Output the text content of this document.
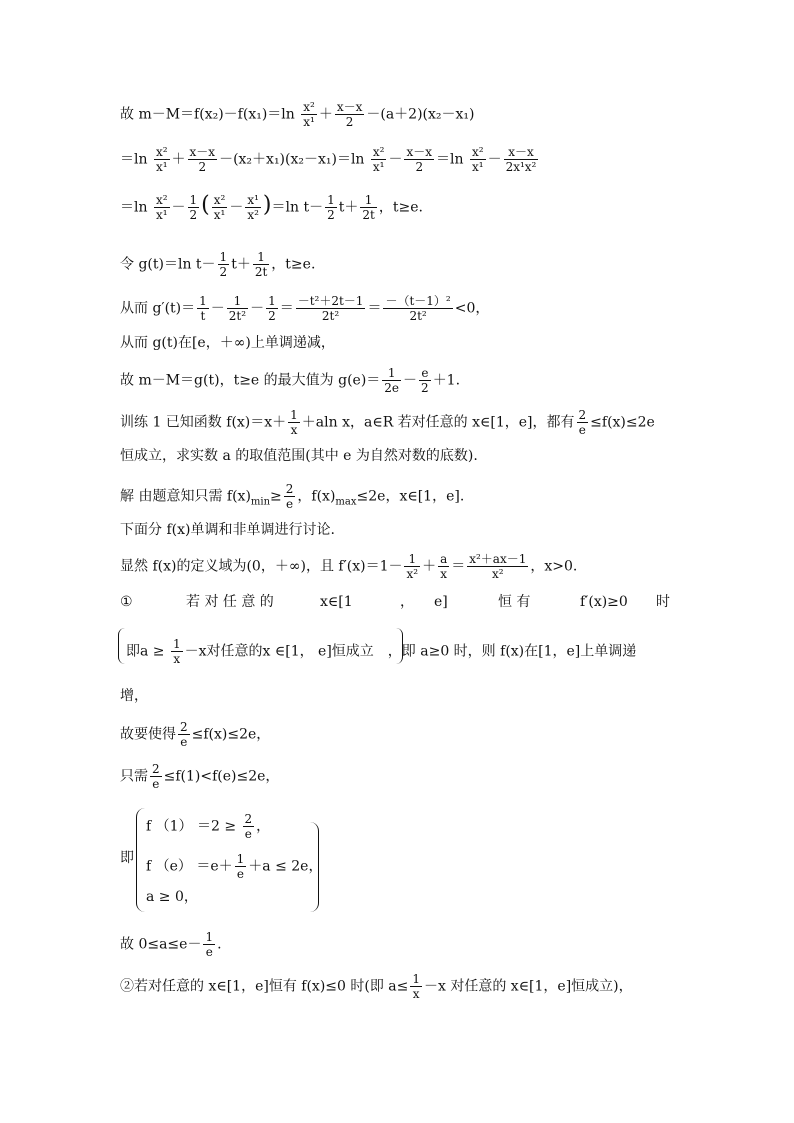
故 $m-M=f(x_2)-f(x_1)=\ln \frac{\text{x²}}{\text{x¹}} + \frac{x-x}{2} -(a+2)(x_2-x_1)$
$=\ln \frac{\text{x²}}{\text{x¹}} + \frac{x-x}{2} -(x_2+x_1)(x_2-x_1)=\ln \frac{\text{x²}}{\text{x¹}} - \frac{x-x}{2} =\ln \frac{\text{x²}}{\text{x¹}} - \frac{x-x}{\text{2x¹x²}}$
$=\ln \frac{\text{x²}}{\text{x¹}} - \frac{1}{2}$ ( $\frac{\text{x²}}{\text{x¹}} - \frac{\text{x¹}}{\text{x²}} )=\ln$ $t- \frac{1}{2} t+ \frac{1}{2t}$ ，t≥e.
令 g(t)＝ln $t- \frac{1}{2} t+ \frac{1}{2t}$ ，t≥e.
从而 $g'(t)= \frac{1}{t} - \frac{1}{\text{2t²}} - \frac{1}{2} = \frac{\text{－t²＋2t－1}}{\text{2t²}} = \frac{\text{－（t－1）²}}{\text{2t²}} <0$，
从而 g(t)在[e，＋∞)上单调递减，
故 m－M＝g(t)，t≥e 的最大值为 $g(e)= \frac{1}{2e} - \frac{e}{2} +1$.
训练 1 已知函数 $f(x)=x+ \frac{1}{x} +aln$ x，a∈R 若对任意的 x∈[1，e]，都有 $\frac{2}{e} \le f(x)\le 2e$
恒成立，求实数 a 的取值范围(其中 e 为自然对数的底数).
解 由题意知只需 $f(x)_{min}\ge \frac{2}{e}$ ，$f(x)_{max}\le 2e$，x∈[1，e].
下面分 f(x)单调和非单调进行讨论.
显然 f(x)的定义域为(0，＋∞)，且 $f'(x)=1- \frac{1}{\text{x²}} + \frac{a}{x} = \frac{\text{x²＋ax－1}}{\text{x²}}$ ，x>0.
①	若 对 任 意 的	x∈[1	， e]	恒 有	f′(x)≥0 时
即$a \ge \frac{1}{x} -x$对任意的x ∈[1， e]恒成立 ，即 a≥0 时，则 f(x)在[1，e]上单调递
增，
故要使得 $\frac{2}{e} \le f(x)\le 2e$，
只需 $\frac{2}{e} \le f(1)<f(e)\le 2e$，
即
f $(1) =2 \ge \frac{2}{e}$ ，
f $(e) =e+ \frac{1}{e} +a \le 2e$，
a ≥ 0，
故 $0\le a\le e- \frac{1}{e}$ .
②若对任意的 x∈[1，e]恒有 f(x)≤0 时(即 $a\le \frac{1}{x} -x$ 对任意的 x∈[1，e]恒成立)，
